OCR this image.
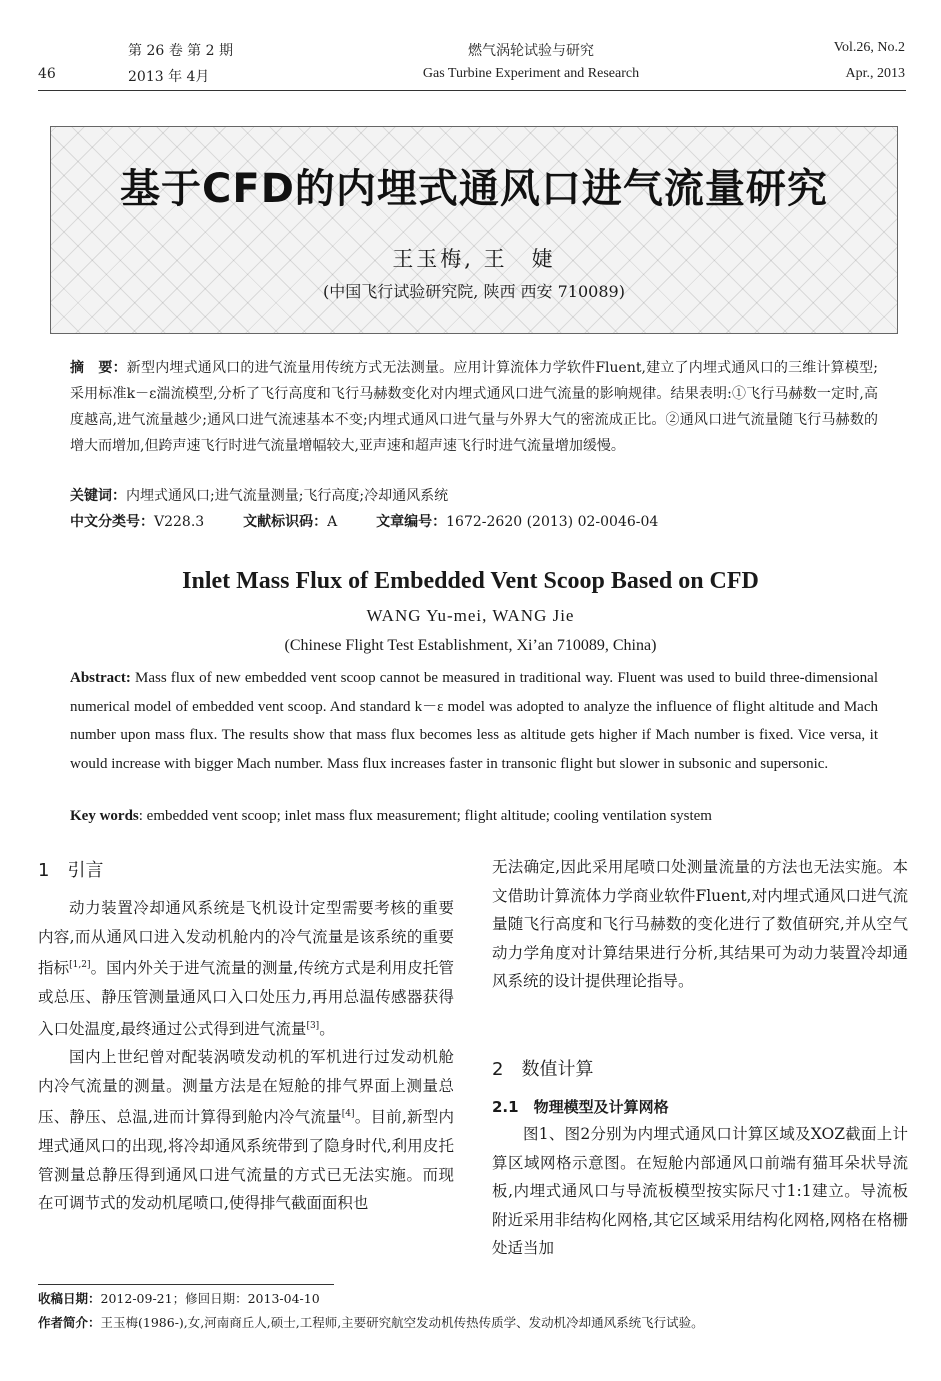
第 26 卷 第 2 期
46	2013 年 4月
燃气涡轮试验与研究
Gas Turbine Experiment and Research
Vol.26, No.2
Apr., 2013
基于CFD的内埋式通风口进气流量研究
王玉梅, 王　婕
(中国飞行试验研究院, 陕西 西安 710089)
摘　要：新型内埋式通风口的进气流量用传统方式无法测量。应用计算流体力学软件Fluent,建立了内埋式通风口的三维计算模型;采用标准k－ε湍流模型,分析了飞行高度和飞行马赫数变化对内埋式通风口进气流量的影响规律。结果表明:①飞行马赫数一定时,高度越高,进气流量越少;通风口进气流速基本不变;内埋式通风口进气量与外界大气的密流成正比。②通风口进气流量随飞行马赫数的增大而增加,但跨声速飞行时进气流量增幅较大,亚声速和超声速飞行时进气流量增加缓慢。
关键词：内埋式通风口;进气流量测量;飞行高度;冷却通风系统
中文分类号：V228.3	文献标识码：A	文章编号：1672-2620 (2013) 02-0046-04
Inlet Mass Flux of Embedded Vent Scoop Based on CFD
WANG Yu-mei, WANG Jie
(Chinese Flight Test Establishment, Xi’an 710089, China)
Abstract: Mass flux of new embedded vent scoop cannot be measured in traditional way. Fluent was used to build three-dimensional numerical model of embedded vent scoop. And standard k－ε model was adopted to analyze the influence of flight altitude and Mach number upon mass flux. The results show that mass flux becomes less as altitude gets higher if Mach number is fixed. Vice versa, it would increase with bigger Mach number. Mass flux increases faster in transonic flight but slower in subsonic and supersonic.
Key words: embedded vent scoop; inlet mass flux measurement; flight altitude; cooling ventilation system
1　引言
动力装置冷却通风系统是飞机设计定型需要考核的重要内容,而从通风口进入发动机舱内的冷气流量是该系统的重要指标[1,2]。国内外关于进气流量的测量,传统方式是利用皮托管或总压、静压管测量通风口入口处压力,再用总温传感器获得入口处温度,最终通过公式得到进气流量[3]。
国内上世纪曾对配装涡喷发动机的军机进行过发动机舱内冷气流量的测量。测量方法是在短舱的排气界面上测量总压、静压、总温,进而计算得到舱内冷气流量[4]。目前,新型内埋式通风口的出现,将冷却通风系统带到了隐身时代,利用皮托管测量总静压得到通风口进气流量的方式已无法实施。而现在可调节式的发动机尾喷口,使得排气截面面积也
无法确定,因此采用尾喷口处测量流量的方法也无法实施。本文借助计算流体力学商业软件Fluent,对内埋式通风口进气流量随飞行高度和飞行马赫数的变化进行了数值研究,并从空气动力学角度对计算结果进行分析,其结果可为动力装置冷却通风系统的设计提供理论指导。
2　数值计算
2.1　物理模型及计算网格
图1、图2分别为内埋式通风口计算区域及XOZ截面上计算区域网格示意图。在短舱内部通风口前端有猫耳朵状导流板,内埋式通风口与导流板模型按实际尺寸1:1建立。导流板附近采用非结构化网格,其它区域采用结构化网格,网格在格栅处适当加
收稿日期：2012-09-21；修回日期：2013-04-10
作者简介：王玉梅(1986-),女,河南商丘人,硕士,工程师,主要研究航空发动机传热传质学、发动机冷却通风系统飞行试验。
